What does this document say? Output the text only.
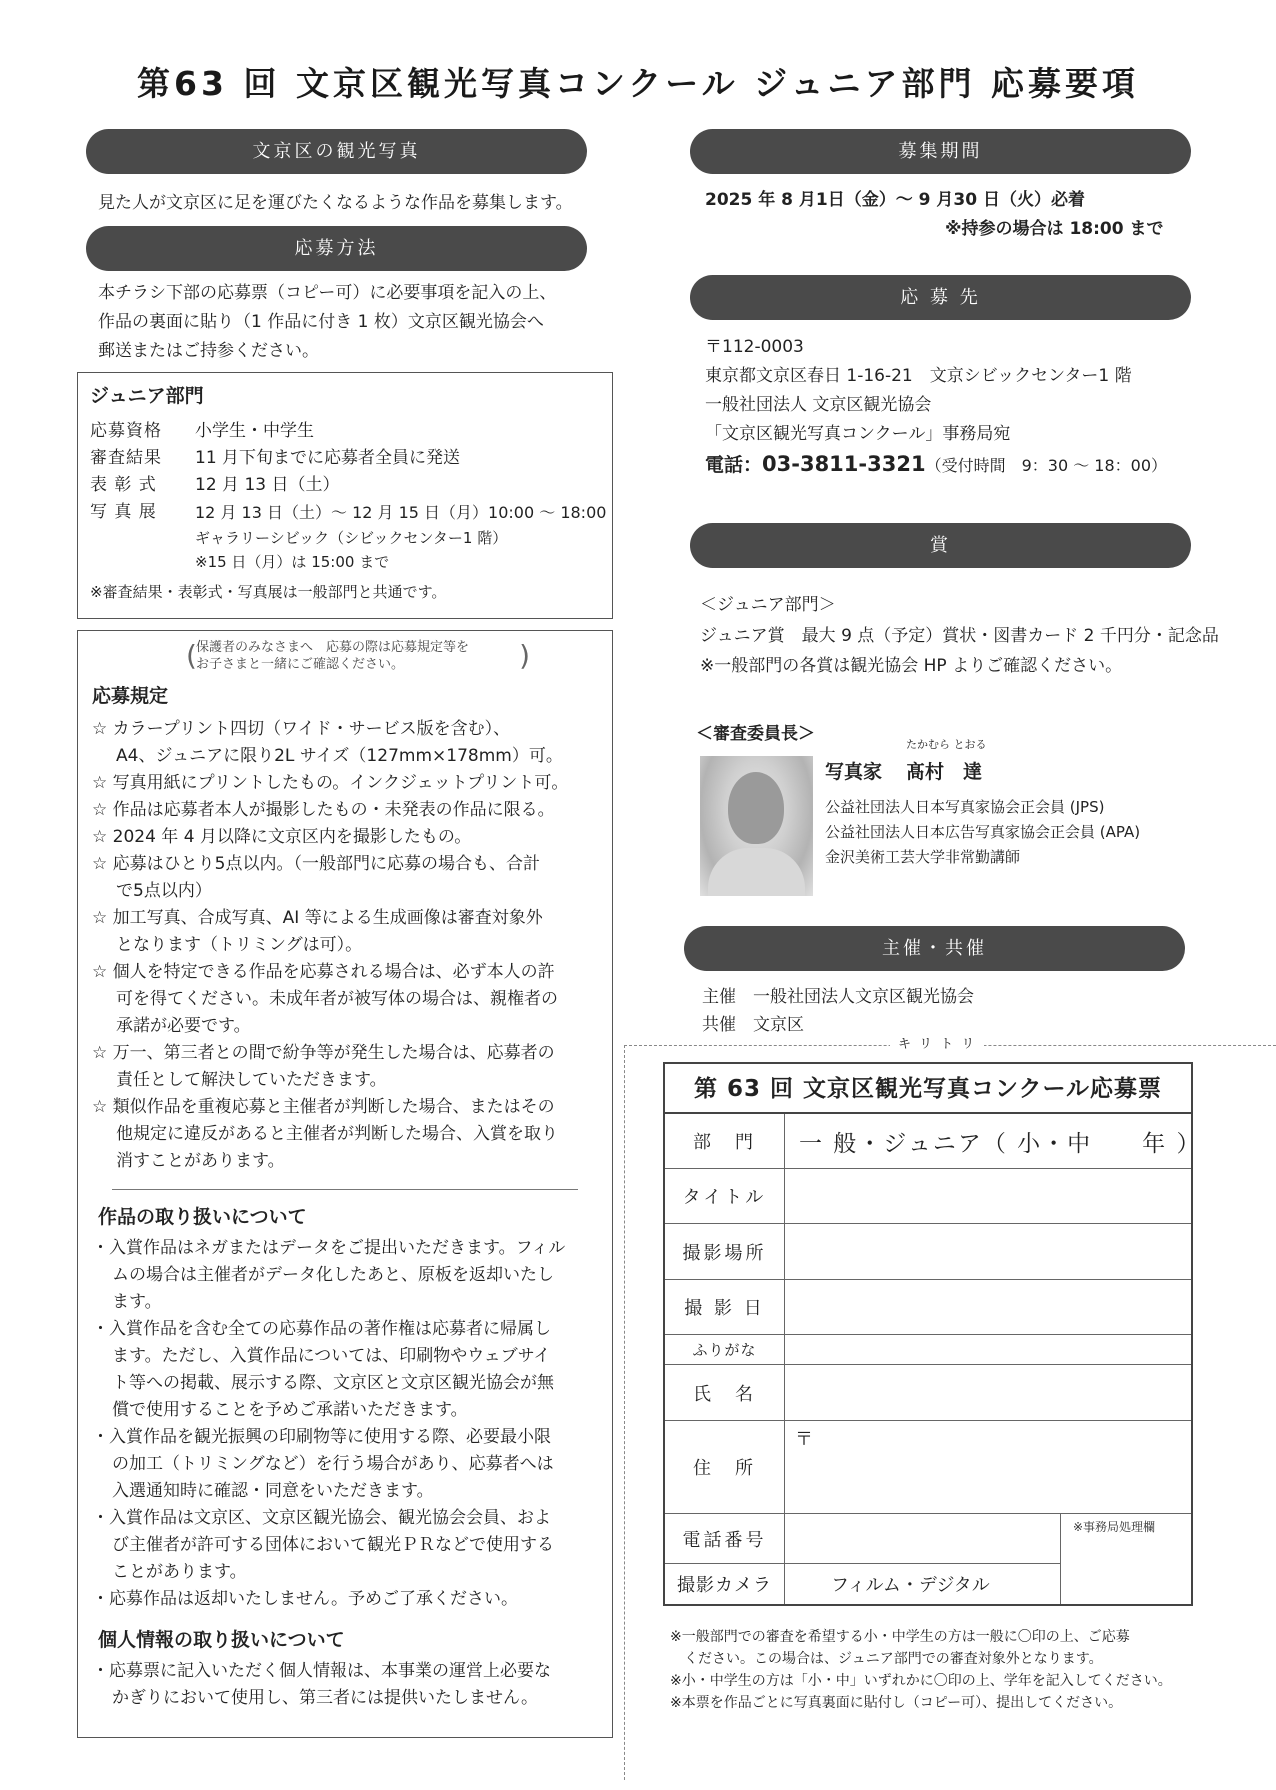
第63 回 文京区観光写真コンクール ジュニア部門 応募要項
文京区の観光写真
見た人が文京区に足を運びたくなるような作品を募集します。
応募方法
本チラシ下部の応募票（コピー可）に必要事項を記入の上、
作品の裏面に貼り（1 作品に付き 1 枚）文京区観光協会へ
郵送またはご持参ください。
ジュニア部門
応募資格	小学生・中学生
審査結果	11 月下旬までに応募者全員に発送
表 彰 式	12 月 13 日（土）
写 真 展	12 月 13 日（土）～ 12 月 15 日（月）10:00 ～ 18:00
ギャラリーシビック（シビックセンター1 階）
※15 日（月）は 15:00 まで
※審査結果・表彰式・写真展は一般部門と共通です。
( 保護者のみなさまへ　応募の際は応募規定等を
お子さまと一緒にご確認ください。	)
応募規定
☆ カラープリント四切（ワイド・サービス版を含む）、
A4、ジュニアに限り2L サイズ（127mm×178mm）可。
☆ 写真用紙にプリントしたもの。インクジェットプリント可。
☆ 作品は応募者本人が撮影したもの・未発表の作品に限る。
☆ 2024 年 4 月以降に文京区内を撮影したもの。
☆ 応募はひとり5点以内。（一般部門に応募の場合も、合計
で5点以内）
☆ 加工写真、合成写真、AI 等による生成画像は審査対象外
となります（トリミングは可）。
☆ 個人を特定できる作品を応募される場合は、必ず本人の許
可を得てください。未成年者が被写体の場合は、親権者の
承諾が必要です。
☆ 万一、第三者との間で紛争等が発生した場合は、応募者の
責任として解決していただきます。
☆ 類似作品を重複応募と主催者が判断した場合、またはその
他規定に違反があると主催者が判断した場合、入賞を取り
消すことがあります。
作品の取り扱いについて
・入賞作品はネガまたはデータをご提出いただきます。フィル
ムの場合は主催者がデータ化したあと、原板を返却いたし
ます。
・入賞作品を含む全ての応募作品の著作権は応募者に帰属し
ます。ただし、入賞作品については、印刷物やウェブサイ
ト等への掲載、展示する際、文京区と文京区観光協会が無
償で使用することを予めご承諾いただきます。
・入賞作品を観光振興の印刷物等に使用する際、必要最小限
の加工（トリミングなど）を行う場合があり、応募者へは
入選通知時に確認・同意をいただきます。
・入賞作品は文京区、文京区観光協会、観光協会会員、およ
び主催者が許可する団体において観光ＰＲなどで使用する
ことがあります。
・応募作品は返却いたしません。予めご了承ください。
個人情報の取り扱いについて
・応募票に記入いただく個人情報は、本事業の運営上必要な
かぎりにおいて使用し、第三者には提供いたしません。
募集期間
2025 年 8 月1日（金）～ 9 月30 日（火）必着
※持参の場合は 18:00 まで
応 募 先
〒112-0003
東京都文京区春日 1-16-21　文京シビックセンター1 階
一般社団法人 文京区観光協会
「文京区観光写真コンクール」事務局宛
電話：03-3811-3321（受付時間　9：30 ～ 18：00）
賞
＜ジュニア部門＞
ジュニア賞　最大 9 点（予定）賞状・図書カード 2 千円分・記念品
※一般部門の各賞は観光協会 HP よりご確認ください。
＜審査委員長＞
たかむら とおる
写真家 髙村　達
公益社団法人日本写真家協会正会員 (JPS)
公益社団法人日本広告写真家協会正会員 (APA)
金沢美術工芸大学非常勤講師
主催・共催
主催　一般社団法人文京区観光協会
共催　文京区
キ リ ト リ
第 63 回 文京区観光写真コンクール応募票
部　門	一 般・ジュニア（ 小・中　　年 ）
タイトル
撮影場所
撮 影 日
ふりがな
氏　名
住　所
〒
電話番号
撮影カメラ	フィルム・デジタル
※事務局処理欄
※一般部門での審査を希望する小・中学生の方は一般に〇印の上、ご応募
　ください。この場合は、ジュニア部門での審査対象外となります。
※小・中学生の方は「小・中」いずれかに〇印の上、学年を記入してください。
※本票を作品ごとに写真裏面に貼付し（コピー可）、提出してください。
